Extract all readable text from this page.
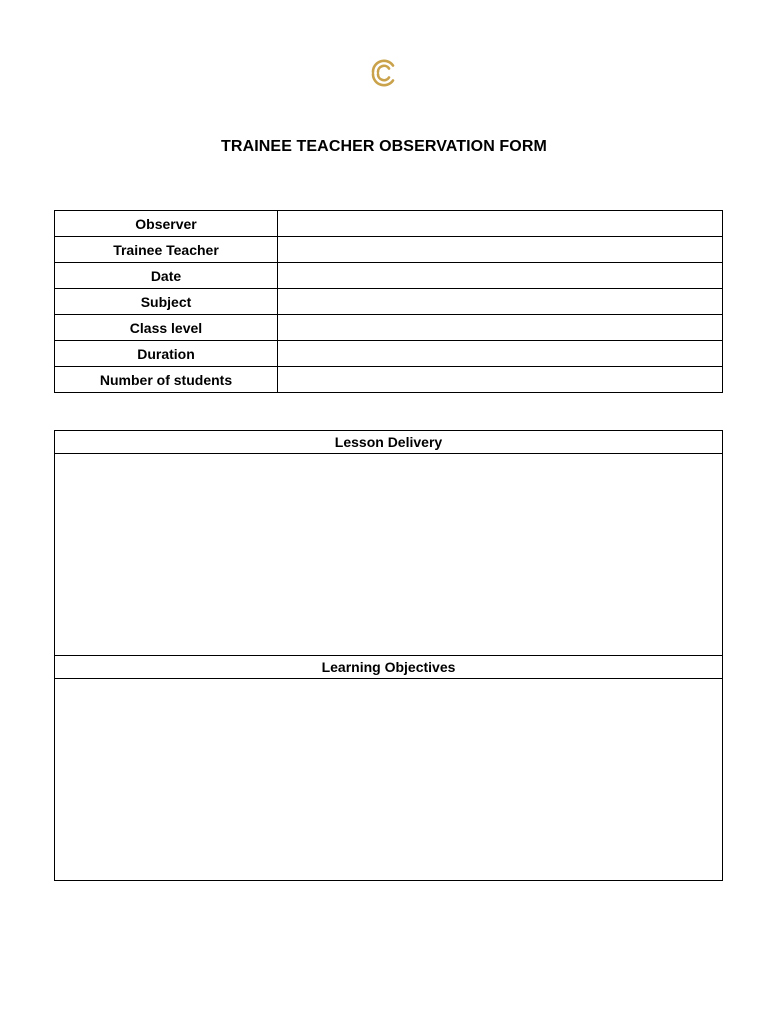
TRAINEE TEACHER OBSERVATION FORM
Observer	
Trainee Teacher	
Date	
Subject	
Class level	
Duration	
Number of students	
Lesson Delivery

Learning Objectives
